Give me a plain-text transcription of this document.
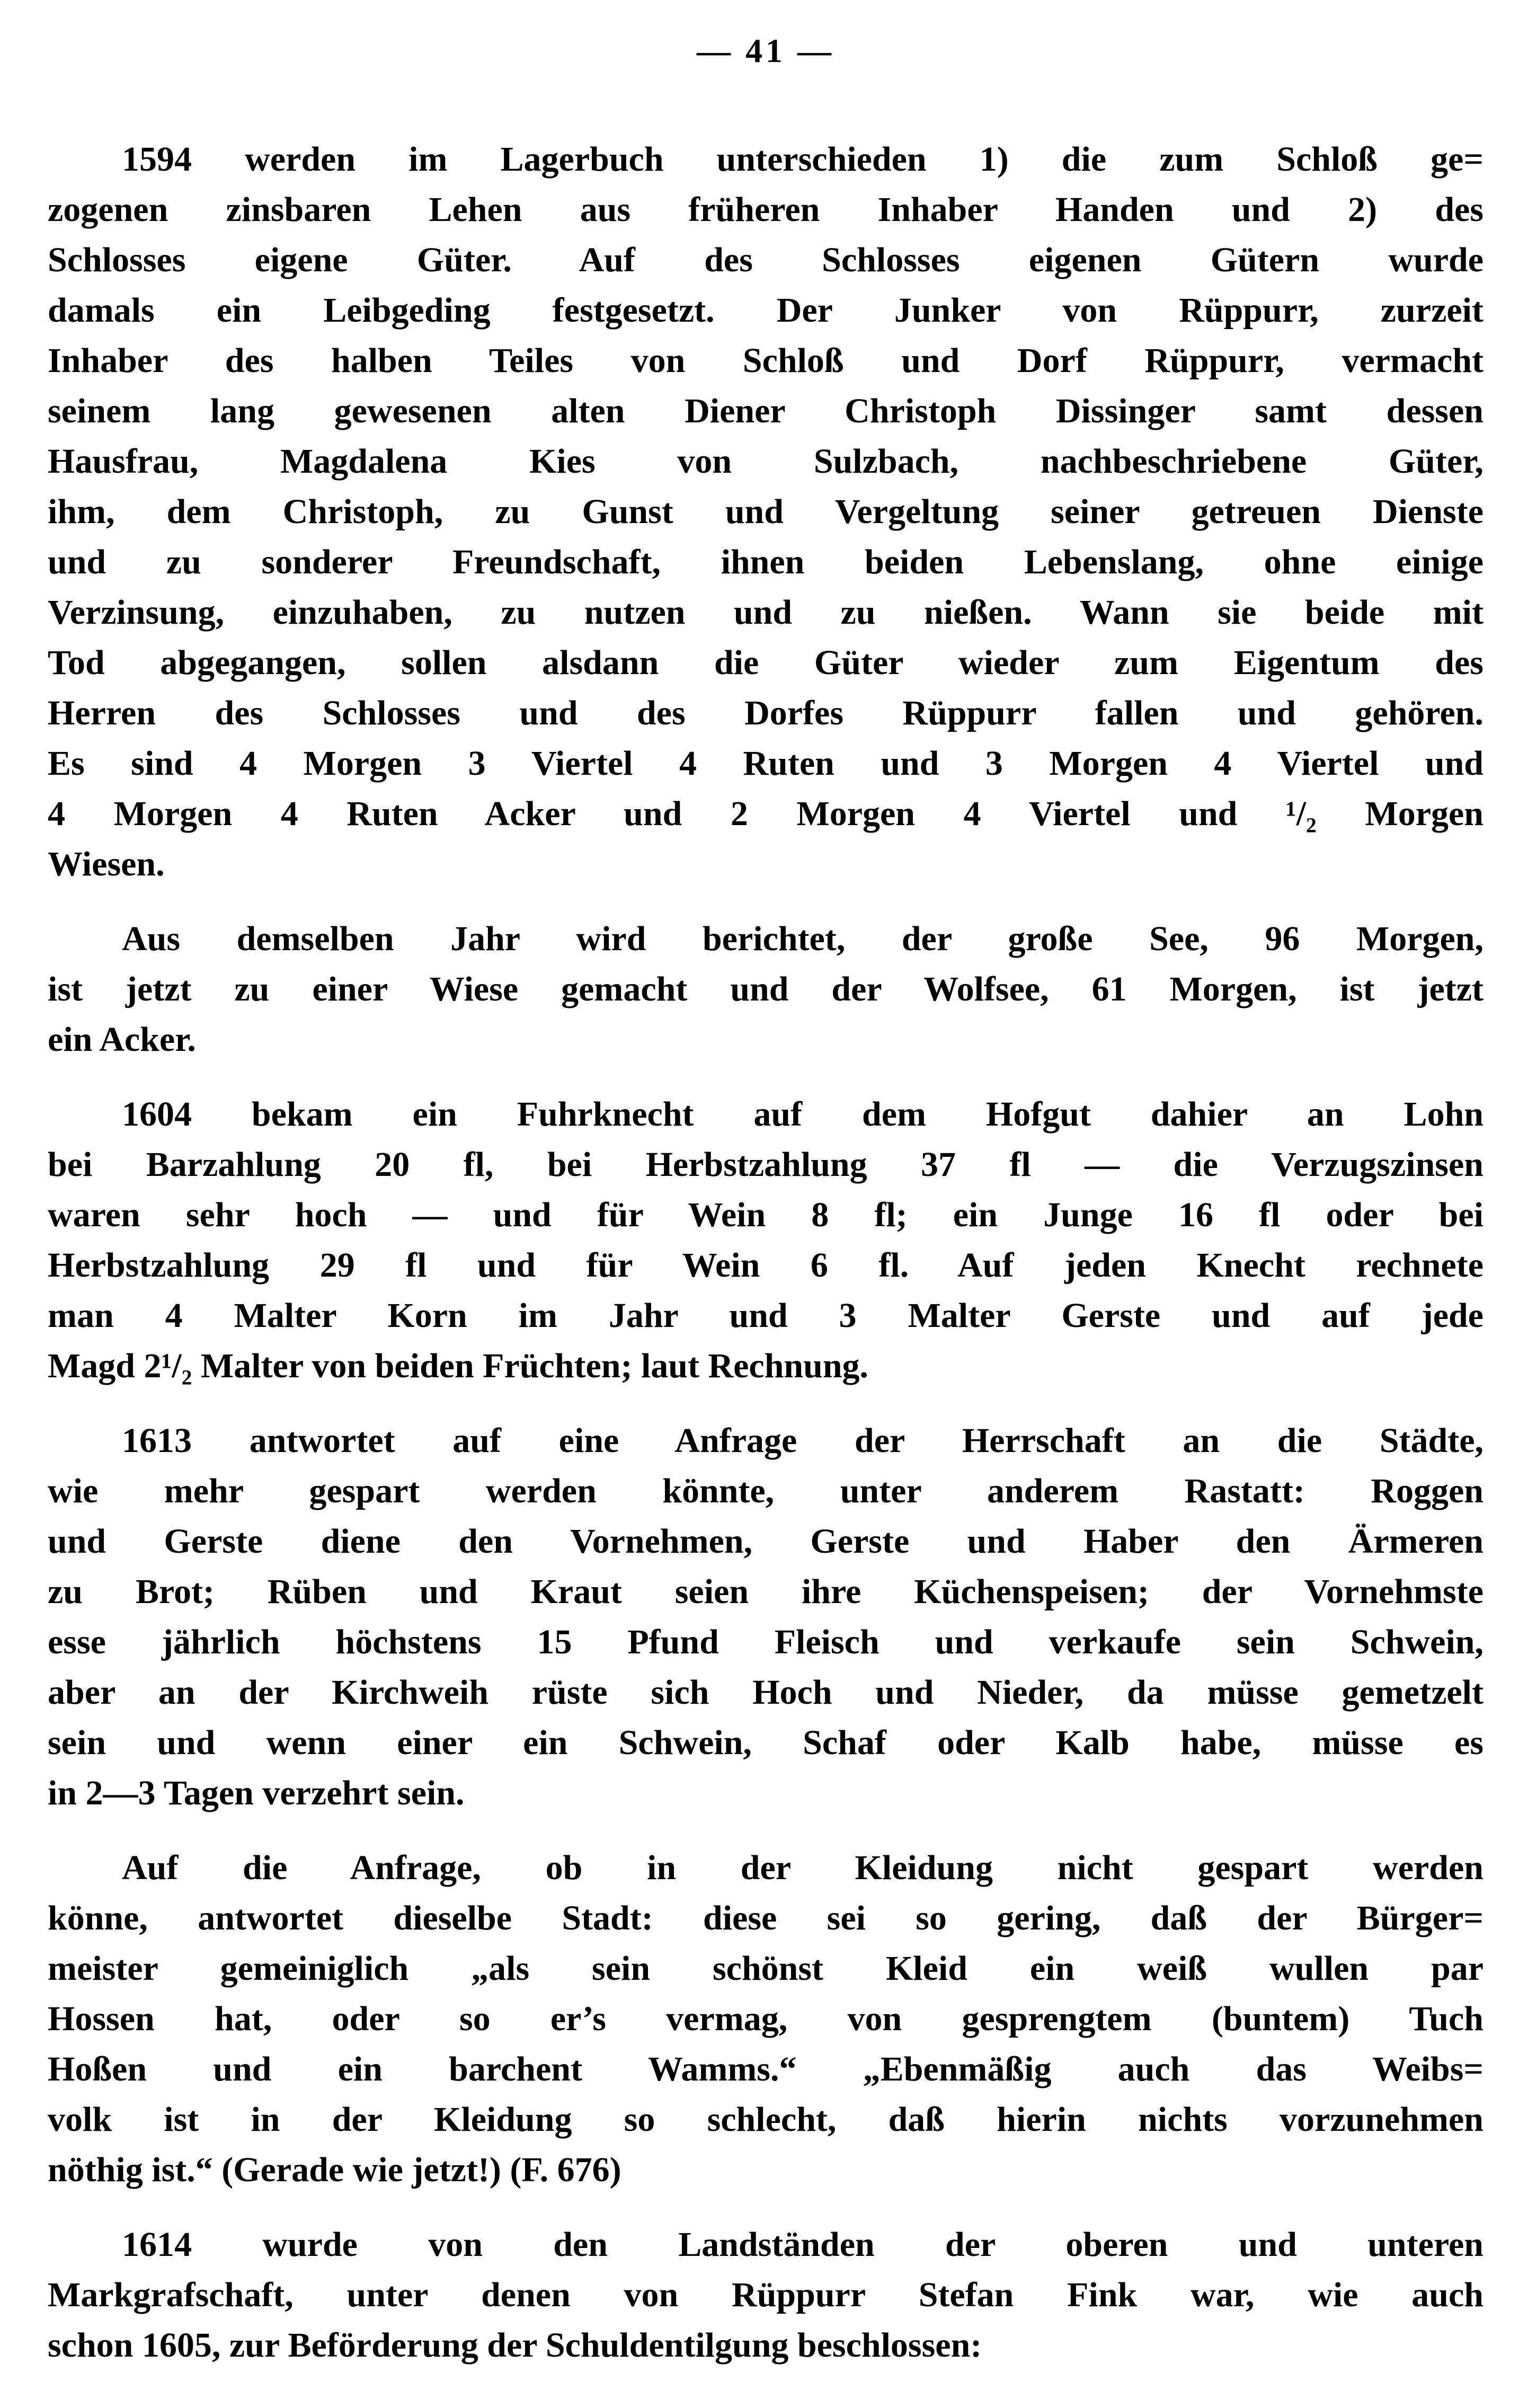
— 41 —

1594 werden im Lagerbuch unterschieden 1) die zum Schloß ge=
zogenen zinsbaren Lehen aus früheren Inhaber Handen und 2) des
Schlosses eigene Güter. Auf des Schlosses eigenen Gütern wurde
damals ein Leibgeding festgesetzt. Der Junker von Rüppurr, zurzeit
Inhaber des halben Teiles von Schloß und Dorf Rüppurr, vermacht
seinem lang gewesenen alten Diener Christoph Dissinger samt dessen
Hausfrau, Magdalena Kies von Sulzbach, nachbeschriebene Güter,
ihm, dem Christoph, zu Gunst und Vergeltung seiner getreuen Dienste
und zu sonderer Freundschaft, ihnen beiden Lebenslang, ohne einige
Verzinsung, einzuhaben, zu nutzen und zu nießen. Wann sie beide mit
Tod abgegangen, sollen alsdann die Güter wieder zum Eigentum des
Herren des Schlosses und des Dorfes Rüppurr fallen und gehören.
Es sind 4 Morgen 3 Viertel 4 Ruten und 3 Morgen 4 Viertel und
4 Morgen 4 Ruten Acker und 2 Morgen 4 Viertel und ¹/₂ Morgen
Wiesen.

Aus demselben Jahr wird berichtet, der große See, 96 Morgen,
ist jetzt zu einer Wiese gemacht und der Wolfsee, 61 Morgen, ist jetzt
ein Acker.

1604 bekam ein Fuhrknecht auf dem Hofgut dahier an Lohn
bei Barzahlung 20 fl, bei Herbstzahlung 37 fl — die Verzugszinsen
waren sehr hoch — und für Wein 8 fl; ein Junge 16 fl oder bei
Herbstzahlung 29 fl und für Wein 6 fl. Auf jeden Knecht rechnete
man 4 Malter Korn im Jahr und 3 Malter Gerste und auf jede
Magd 2¹/₂ Malter von beiden Früchten; laut Rechnung.

1613 antwortet auf eine Anfrage der Herrschaft an die Städte,
wie mehr gespart werden könnte, unter anderem Rastatt: Roggen
und Gerste diene den Vornehmen, Gerste und Haber den Ärmeren
zu Brot; Rüben und Kraut seien ihre Küchenspeisen; der Vornehmste
esse jährlich höchstens 15 Pfund Fleisch und verkaufe sein Schwein,
aber an der Kirchweih rüste sich Hoch und Nieder, da müsse gemetzelt
sein und wenn einer ein Schwein, Schaf oder Kalb habe, müsse es
in 2—3 Tagen verzehrt sein.

Auf die Anfrage, ob in der Kleidung nicht gespart werden
könne, antwortet dieselbe Stadt: diese sei so gering, daß der Bürger=
meister gemeiniglich „als sein schönst Kleid ein weiß wullen par
Hossen hat, oder so er’s vermag, von gesprengtem (buntem) Tuch
Hoßen und ein barchent Wamms.“ „Ebenmäßig auch das Weibs=
volk ist in der Kleidung so schlecht, daß hierin nichts vorzunehmen
nöthig ist.“ (Gerade wie jetzt!) (F. 676)

1614 wurde von den Landständen der oberen und unteren
Markgrafschaft, unter denen von Rüppurr Stefan Fink war, wie auch
schon 1605, zur Beförderung der Schuldentilgung beschlossen:
